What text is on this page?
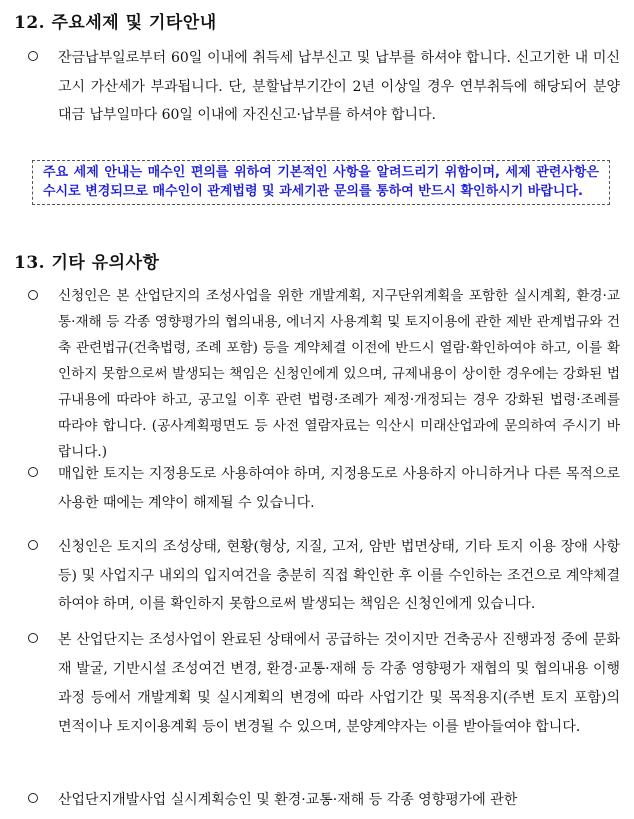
12. 주요세제 및 기타안내

잔금납부일로부터 60일 이내에 취득세 납부신고 및 납부를 하셔야 합니다. 신고기한 내 미신고시 가산세가 부과됩니다. 단, 분할납부기간이 2년 이상일 경우 연부취득에 해당되어 분양대금 납부일마다 60일 이내에 자진신고·납부를 하셔야 합니다.

주요 세제 안내는 매수인 편의를 위하여 기본적인 사항을 알려드리기 위함이며, 세제 관련사항은 수시로 변경되므로 매수인이 관계법령 및 과세기관 문의를 통하여 반드시 확인하시기 바랍니다.
13. 기타 유의사항

신청인은 본 산업단지의 조성사업을 위한 개발계획, 지구단위계획을 포함한 실시계획, 환경·교통·재해 등 각종 영향평가의 협의내용, 에너지 사용계획 및 토지이용에 관한 제반 관계법규와 건축 관련법규(건축법령, 조례 포함) 등을 계약체결 이전에 반드시 열람·확인하여야 하고, 이를 확인하지 못함으로써 발생되는 책임은 신청인에게 있으며, 규제내용이 상이한 경우에는 강화된 법규내용에 따라야 하고, 공고일 이후 관련 법령·조례가 제정·개정되는 경우 강화된 법령·조례를 따라야 합니다. (공사계획평면도 등 사전 열람자료는 익산시 미래산업과에 문의하여 주시기 바랍니다.)

매입한 토지는 지정용도로 사용하여야 하며, 지정용도로 사용하지 아니하거나 다른 목적으로 사용한 때에는 계약이 해제될 수 있습니다.

신청인은 토지의 조성상태, 현황(형상, 지질, 고저, 암반 법면상태, 기타 토지 이용 장애 사항 등) 및 사업지구 내외의 입지여건을 충분히 직접 확인한 후 이를 수인하는 조건으로 계약체결 하여야 하며, 이를 확인하지 못함으로써 발생되는 책임은 신청인에게 있습니다.

본 산업단지는 조성사업이 완료된 상태에서 공급하는 것이지만 건축공사 진행과정 중에 문화재 발굴, 기반시설 조성여건 변경, 환경·교통·재해 등 각종 영향평가 재협의 및 협의내용 이행과정 등에서 개발계획 및 실시계획의 변경에 따라 사업기간 및 목적용지(주변 토지 포함)의 면적이나 토지이용계획 등이 변경될 수 있으며, 분양계약자는 이를 받아들여야 합니다.

산업단지개발사업 실시계획승인 및 환경·교통·재해 등 각종 영향평가에 관한
